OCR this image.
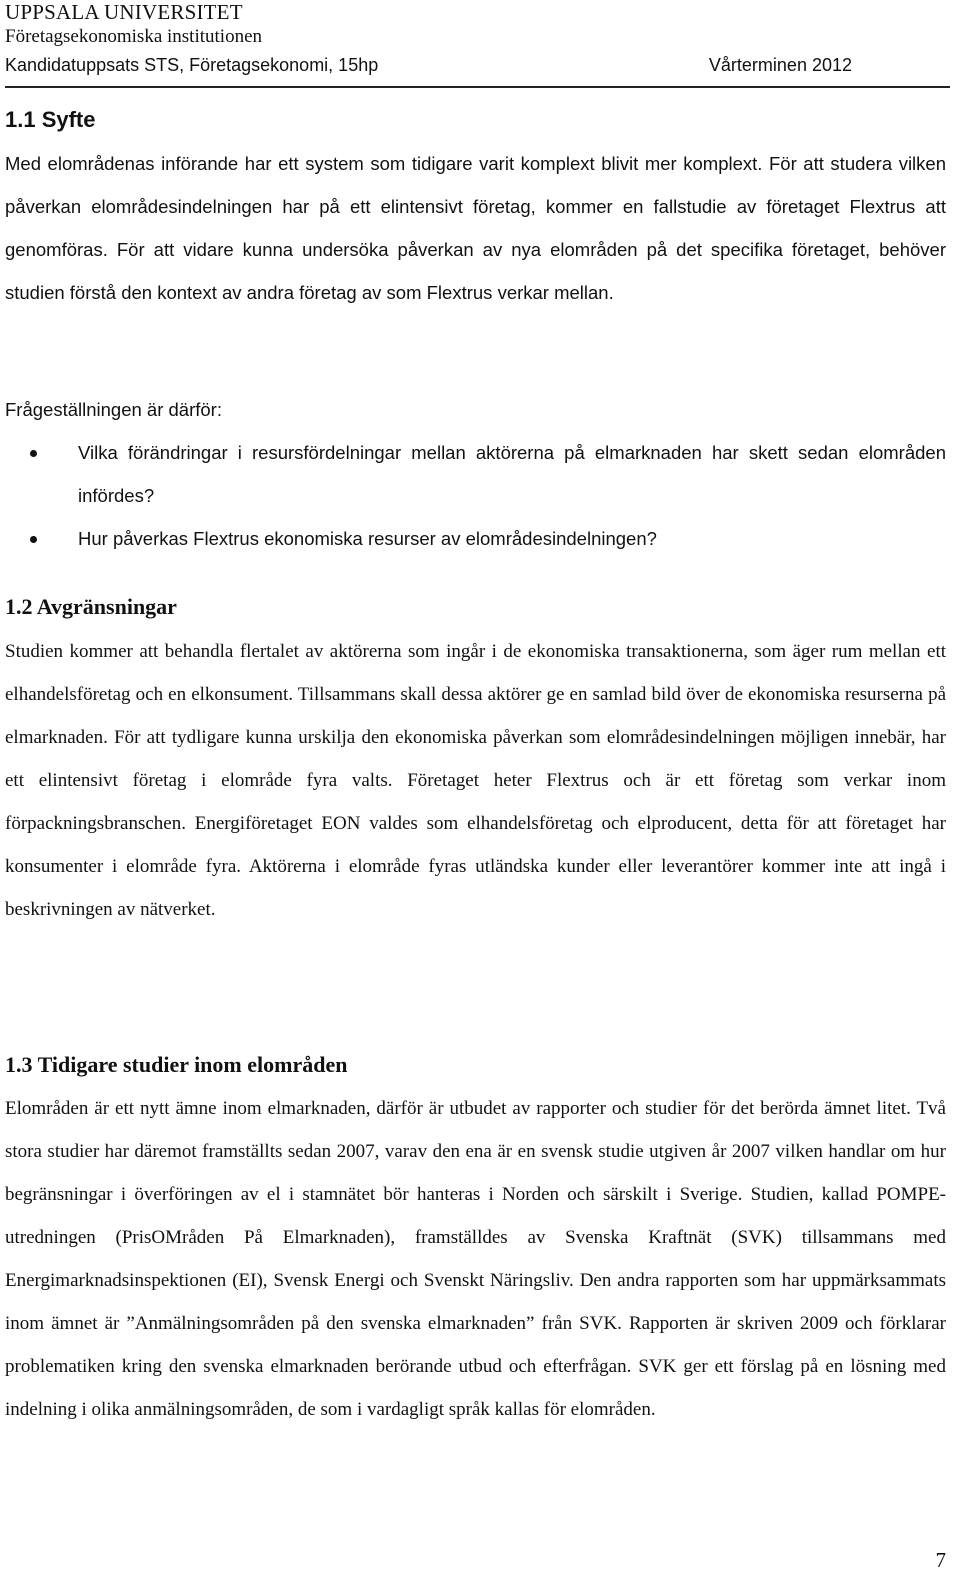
UPPSALA UNIVERSITET
Företagsekonomiska institutionen
Kandidatuppsats STS, Företagsekonomi, 15hp	Vårterminen 2012
1.1 Syfte

Med elområdenas införande har ett system som tidigare varit komplext blivit mer komplext. För att studera vilken påverkan elområdesindelningen har på ett elintensivt företag, kommer en fallstudie av företaget Flextrus att genomföras. För att vidare kunna undersöka påverkan av nya elområden på det specifika företaget, behöver studien förstå den kontext av andra företag av som Flextrus verkar mellan.

Frågeställningen är därför:

Vilka förändringar i resursfördelningar mellan aktörerna på elmarknaden har skett sedan elområden infördes?
Hur påverkas Flextrus ekonomiska resurser av elområdesindelningen?
1.2 Avgränsningar

Studien kommer att behandla flertalet av aktörerna som ingår i de ekonomiska transaktionerna, som äger rum mellan ett elhandelsföretag och en elkonsument. Tillsammans skall dessa aktörer ge en samlad bild över de ekonomiska resurserna på elmarknaden. För att tydligare kunna urskilja den ekonomiska påverkan som elområdesindelningen möjligen innebär, har ett elintensivt företag i elområde fyra valts. Företaget heter Flextrus och är ett företag som verkar inom förpackningsbranschen. Energiföretaget EON valdes som elhandelsföretag och elproducent, detta för att företaget har konsumenter i elområde fyra. Aktörerna i elområde fyras utländska kunder eller leverantörer kommer inte att ingå i beskrivningen av nätverket.

1.3 Tidigare studier inom elområden

Elområden är ett nytt ämne inom elmarknaden, därför är utbudet av rapporter och studier för det berörda ämnet litet. Två stora studier har däremot framställts sedan 2007, varav den ena är en svensk studie utgiven år 2007 vilken handlar om hur begränsningar i överföringen av el i stamnätet bör hanteras i Norden och särskilt i Sverige. Studien, kallad POMPE-utredningen (PrisOMråden På Elmarknaden), framställdes av Svenska Kraftnät (SVK) tillsammans med Energimarknadsinspektionen (EI), Svensk Energi och Svenskt Näringsliv. Den andra rapporten som har uppmärksammats inom ämnet är ”Anmälningsområden på den svenska elmarknaden” från SVK. Rapporten är skriven 2009 och förklarar problematiken kring den svenska elmarknaden berörande utbud och efterfrågan. SVK ger ett förslag på en lösning med indelning i olika anmälningsområden, de som i vardagligt språk kallas för elområden.

7
